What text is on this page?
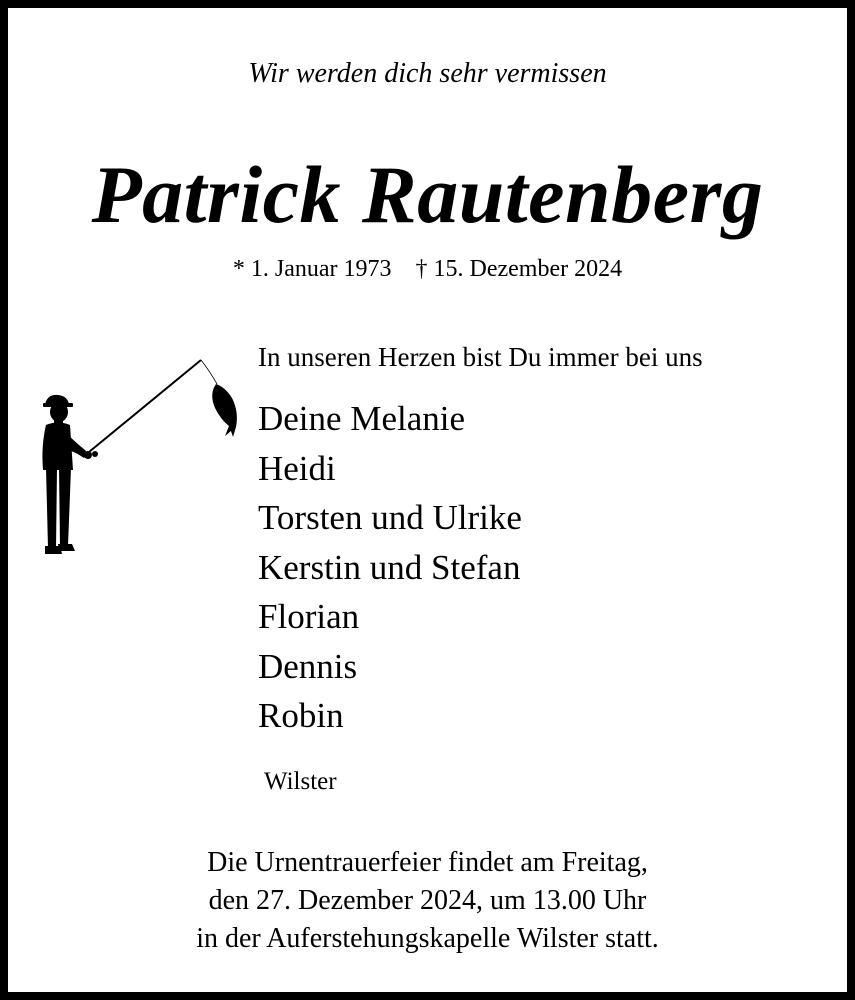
Wir werden dich sehr vermissen

Patrick Rautenberg

* 1. Januar 1973 † 15. Dezember 2024

In unseren Herzen bist Du immer bei uns

Deine Melanie
Heidi
Torsten und Ulrike
Kerstin und Stefan
Florian
Dennis
Robin

Wilster

Die Urnentrauerfeier findet am Freitag,
den 27. Dezember 2024, um 13.00 Uhr
in der Auferstehungskapelle Wilster statt.
